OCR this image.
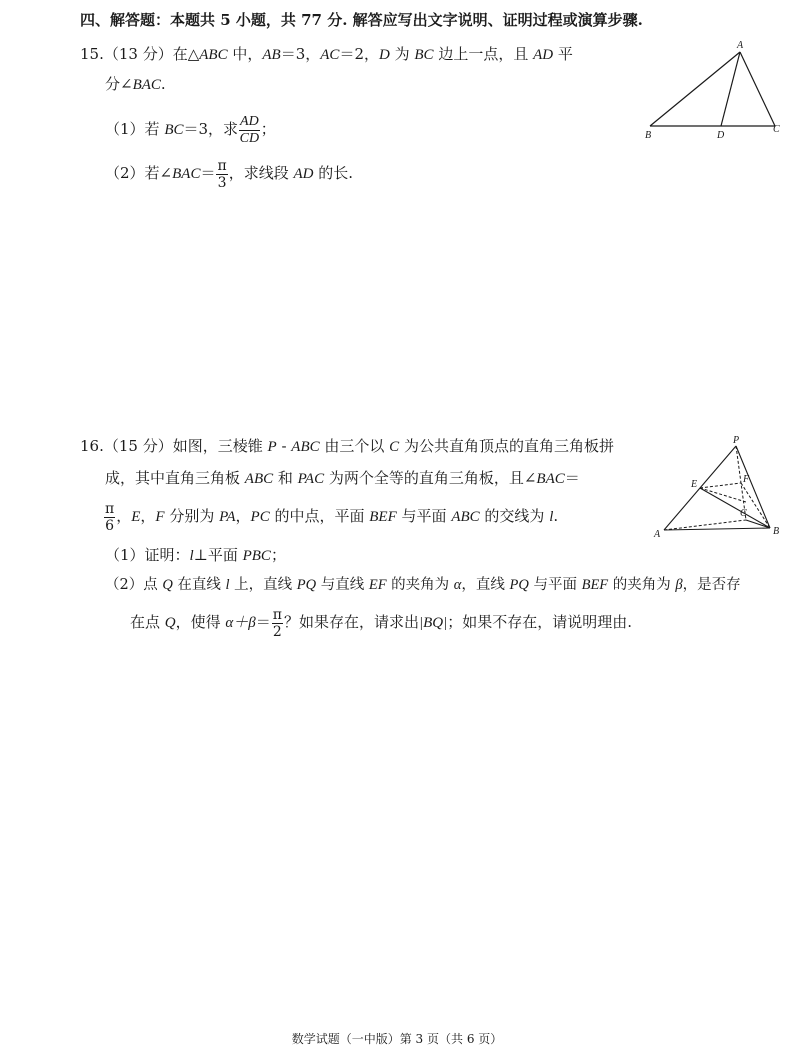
四、解答题：本题共 5 小题，共 77 分. 解答应写出文字说明、证明过程或演算步骤.
15.（13 分）在△ABC 中，AB＝3，AC＝2，D 为 BC 边上一点，且 AD 平
分∠BAC.
（1）若 BC＝3，求 $\frac{AD}{CD}$ ；
（2）若∠BAC＝ $\frac{\pi}{3}$ ，求线段 AD 的长.
A
B	D
C
16.（15 分）如图，三棱锥 P - ABC 由三个以 C 为公共直角顶点的直角三角板拼
成，其中直角三角板 ABC 和 PAC 为两个全等的直角三角板，且∠BAC＝
$\frac{\pi}{6}$ ，E，F 分别为 PA，PC 的中点，平面 BEF 与平面 ABC 的交线为 l.
（1）证明：l⊥平面 PBC；
（2）点 Q 在直线 l 上，直线 PQ 与直线 EF 的夹角为 α，直线 PQ 与平面 BEF 的夹角为 β，是否存
在点 Q，使得 $\alpha+\beta= \frac{\pi}{2}$ ？如果存在，请求出|BQ|；如果不存在，请说明理由.
P
E	F
C
A	B
数学试题（一中版）第 3 页（共 6 页）
